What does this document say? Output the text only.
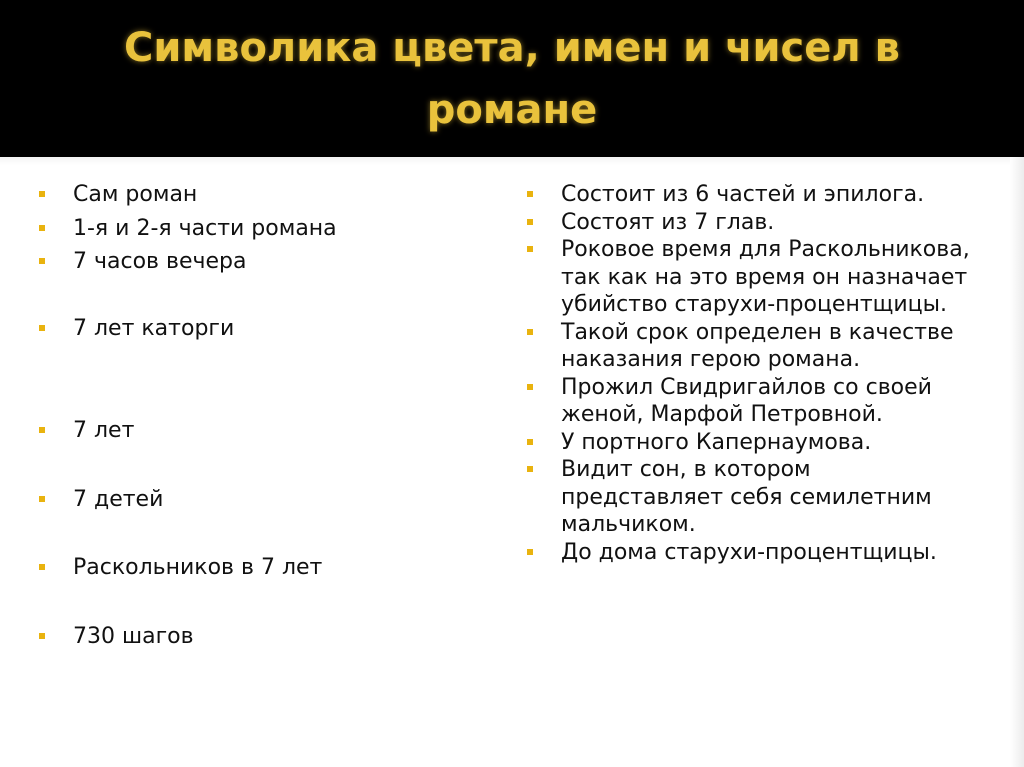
Символика цвета, имен и чисел в романе
Сам роман
1-я и 2-я части романа
7 часов вечера
7 лет каторги
7 лет
7 детей
Раскольников в 7 лет
730 шагов
Состоит из 6 частей и эпилога.
Состоят из 7 глав.
Роковое время для Раскольникова, так как на это время он назначает убийство старухи-процентщицы.
Такой срок определен в качестве наказания герою романа.
Прожил Свидригайлов со своей женой, Марфой Петровной.
У портного Капернаумова.
Видит сон, в котором представляет себя семилетним мальчиком.
До дома старухи-процентщицы.
